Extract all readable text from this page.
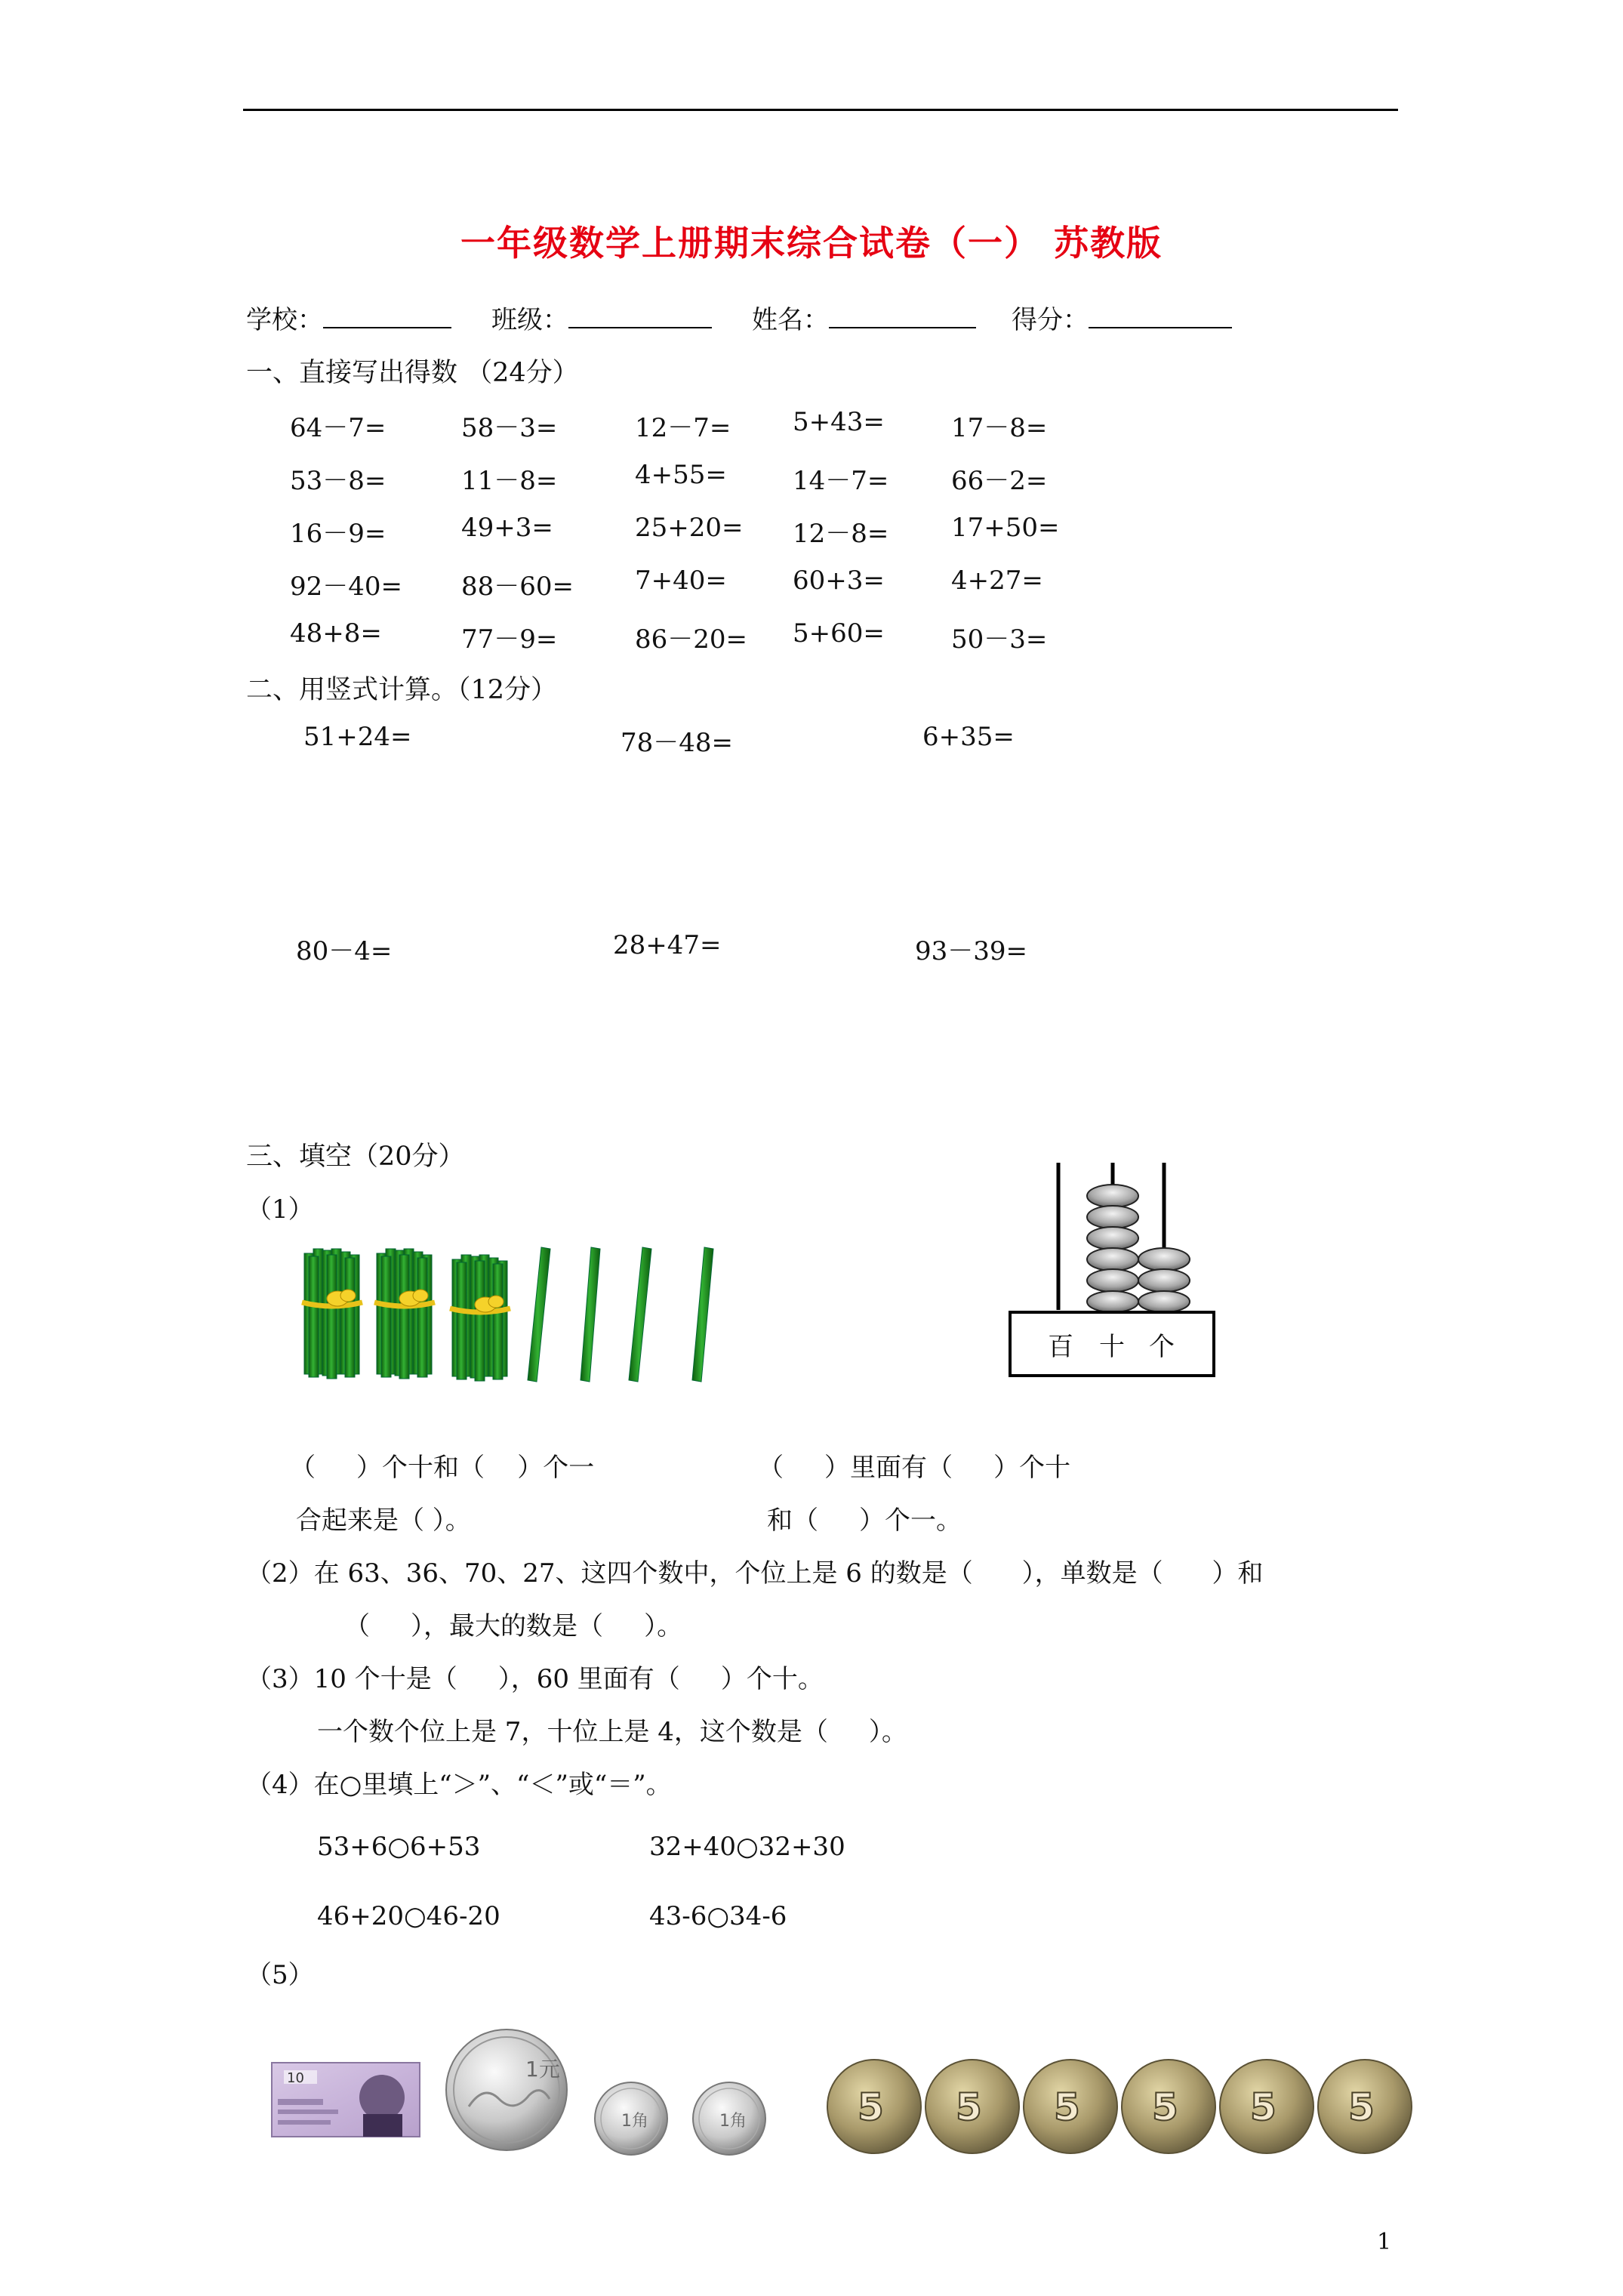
一年级数学上册期末综合试卷（一） 苏教版
学校：	班级：	姓名：	得分：
一、直接写出得数 （24分）
64－7=	58－3=	12－7= 5+43=	17－8=
53－8=	11－8=	4+55=	14－7= 66－2=
16－9=	49+3=	25+20= 12－8= 17+50=
92－40= 88－60= 7+40=	60+3=	4+27=
48+8=	77－9=	86－20= 5+60=	50－3=
二、用竖式计算。（12分）
51+24=	78－48=	6+35=
80－4=	28+47=	93－39=
三、填空（20分）
（1）
百 十 个
（     ）个十和（    ）个一
合起来是（ ）。
（     ）里面有（     ）个十
和（     ）个一。
（2）在 63、36、70、27、这四个数中，个位上是 6 的数是（      ），单数是（      ）和
（     ），最大的数是（     ）。
（3）10 个十是（     ），60 里面有（     ）个十。
一个数个位上是 7，十位上是 4，这个数是（     ）。
（4）在○里填上“＞”、“＜”或“＝”。
53+6○6+53	32+40○32+30
46+20○46-20	43-6○34-6
（5）
10	1元
1角	1角	5 5 5 5 5 5
1
